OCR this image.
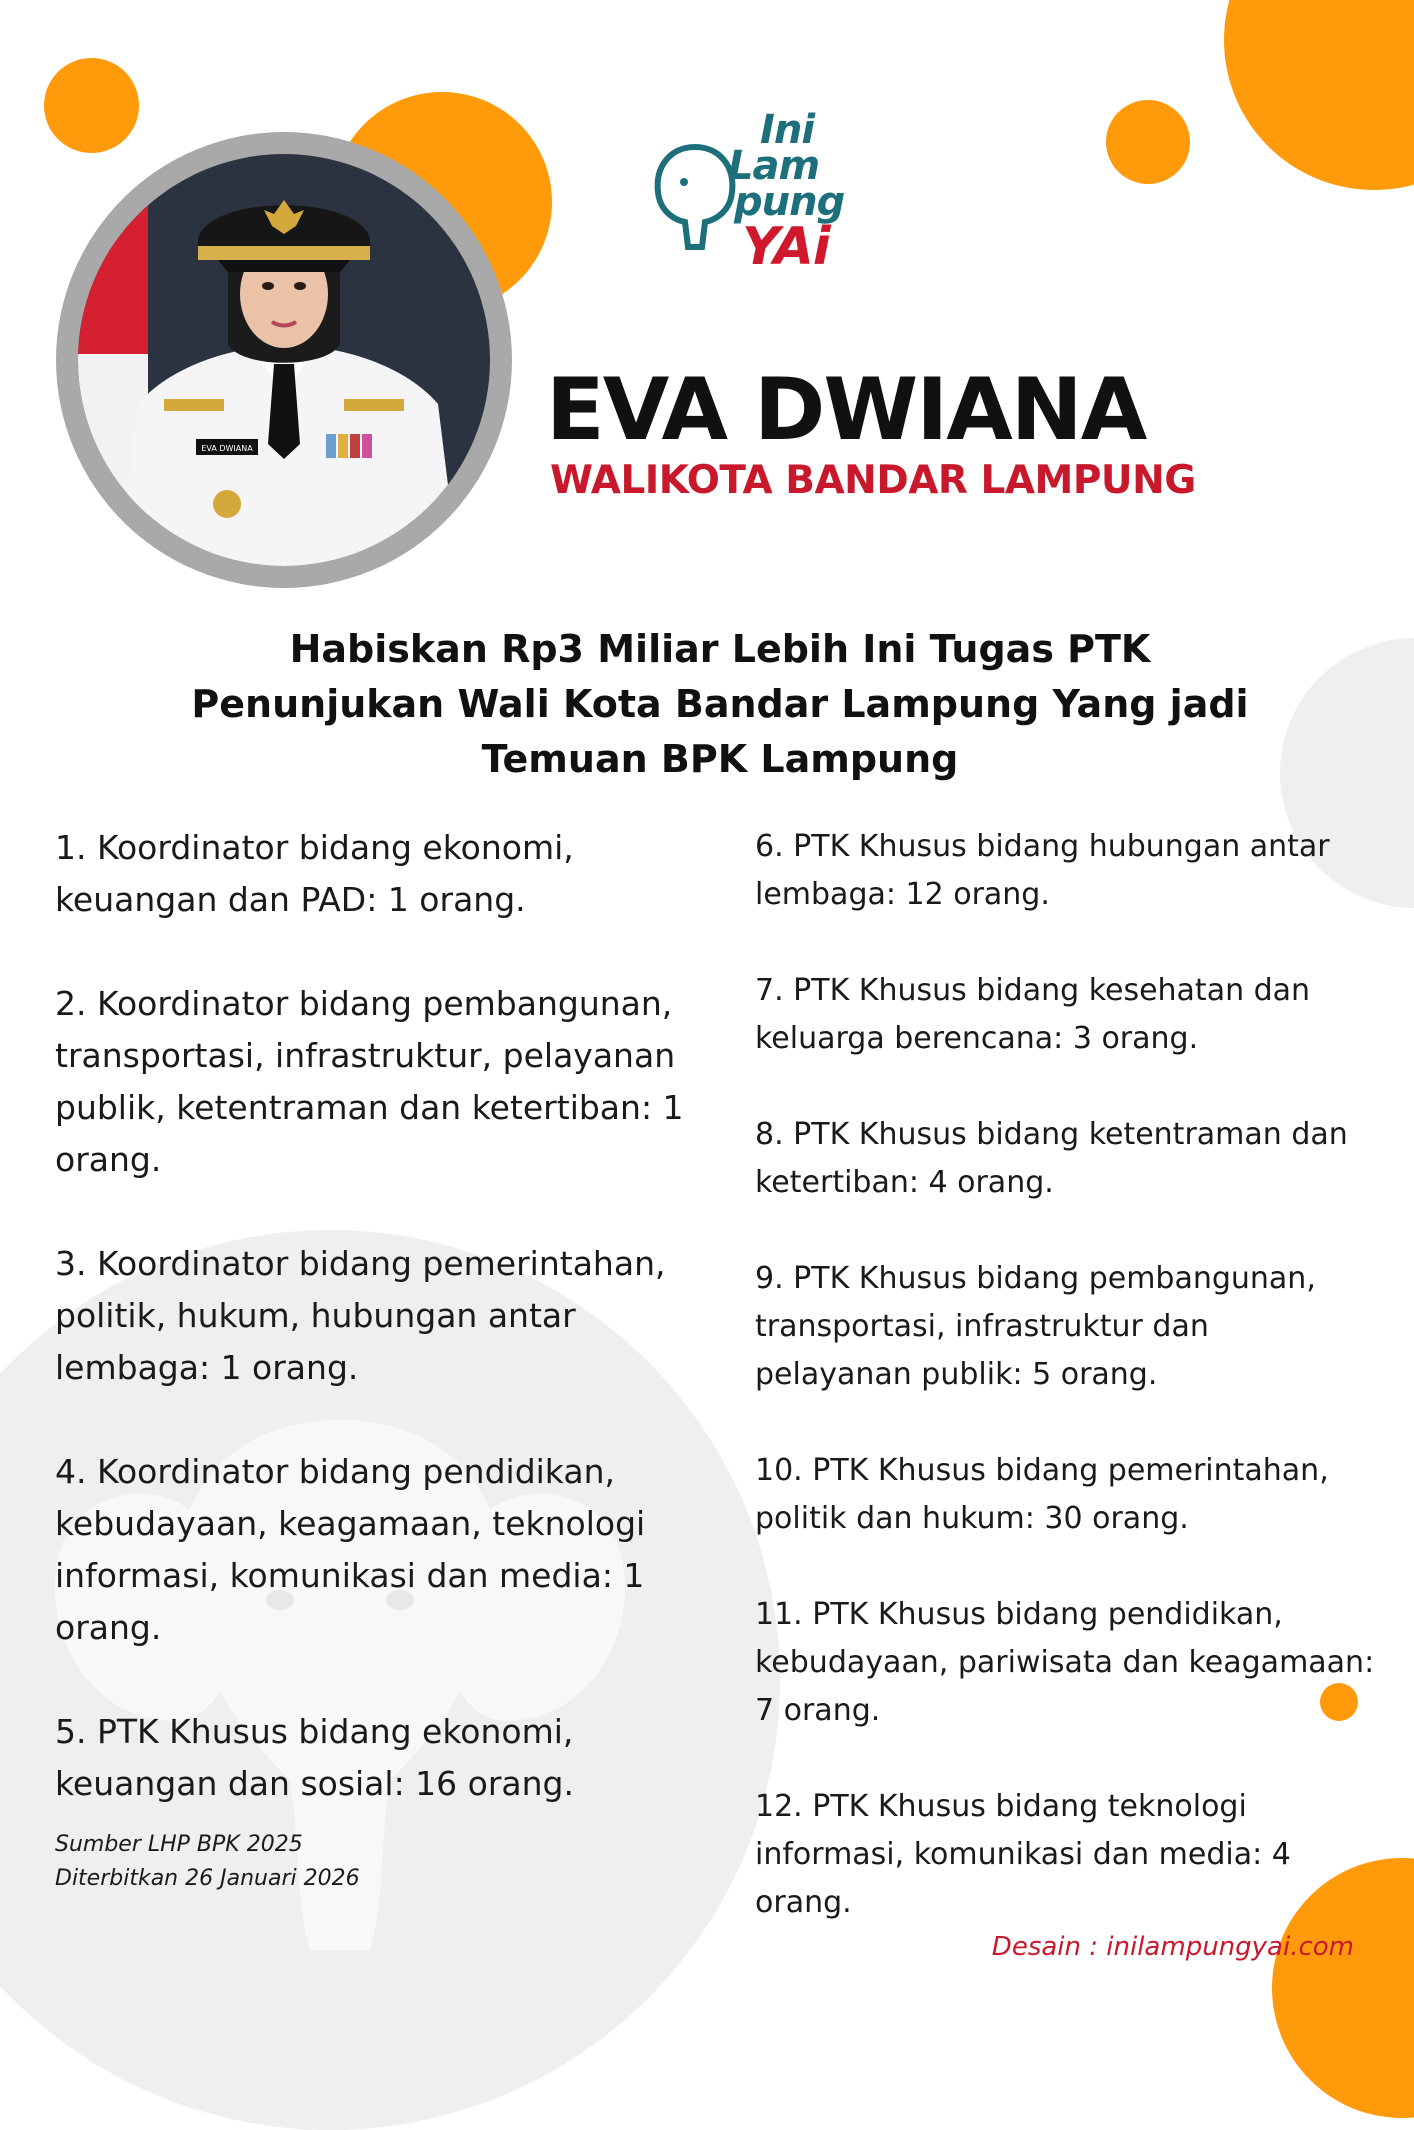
EVA DWIANA
Ini
Lam
pung
YAi
EVA DWIANA
WALIKOTA BANDAR LAMPUNG
Habiskan Rp3 Miliar Lebih Ini Tugas PTK
Penunjukan Wali Kota Bandar Lampung Yang jadi
Temuan BPK Lampung
1. Koordinator bidang ekonomi, keuangan dan PAD: 1 orang.
2. Koordinator bidang pembangunan, transportasi, infrastruktur, pelayanan publik, ketentraman dan ketertiban: 1 orang.
3. Koordinator bidang pemerintahan, politik, hukum, hubungan antar lembaga: 1 orang.
4. Koordinator bidang pendidikan, kebudayaan, keagamaan, teknologi informasi, komunikasi dan media: 1 orang.
5. PTK Khusus bidang ekonomi, keuangan dan sosial: 16 orang.
6. PTK Khusus bidang hubungan antar lembaga: 12 orang.
7. PTK Khusus bidang kesehatan dan keluarga berencana: 3 orang.
8. PTK Khusus bidang ketentraman dan ketertiban: 4 orang.
9. PTK Khusus bidang pembangunan, transportasi, infrastruktur dan pelayanan publik: 5 orang.
10. PTK Khusus bidang pemerintahan, politik dan hukum: 30 orang.
11. PTK Khusus bidang pendidikan, kebudayaan, pariwisata dan keagamaan: 7 orang.
12. PTK Khusus bidang teknologi informasi, komunikasi dan media: 4 orang.
Sumber LHP BPK 2025
Diterbitkan 26 Januari 2026
Desain : inilampungyai.com
